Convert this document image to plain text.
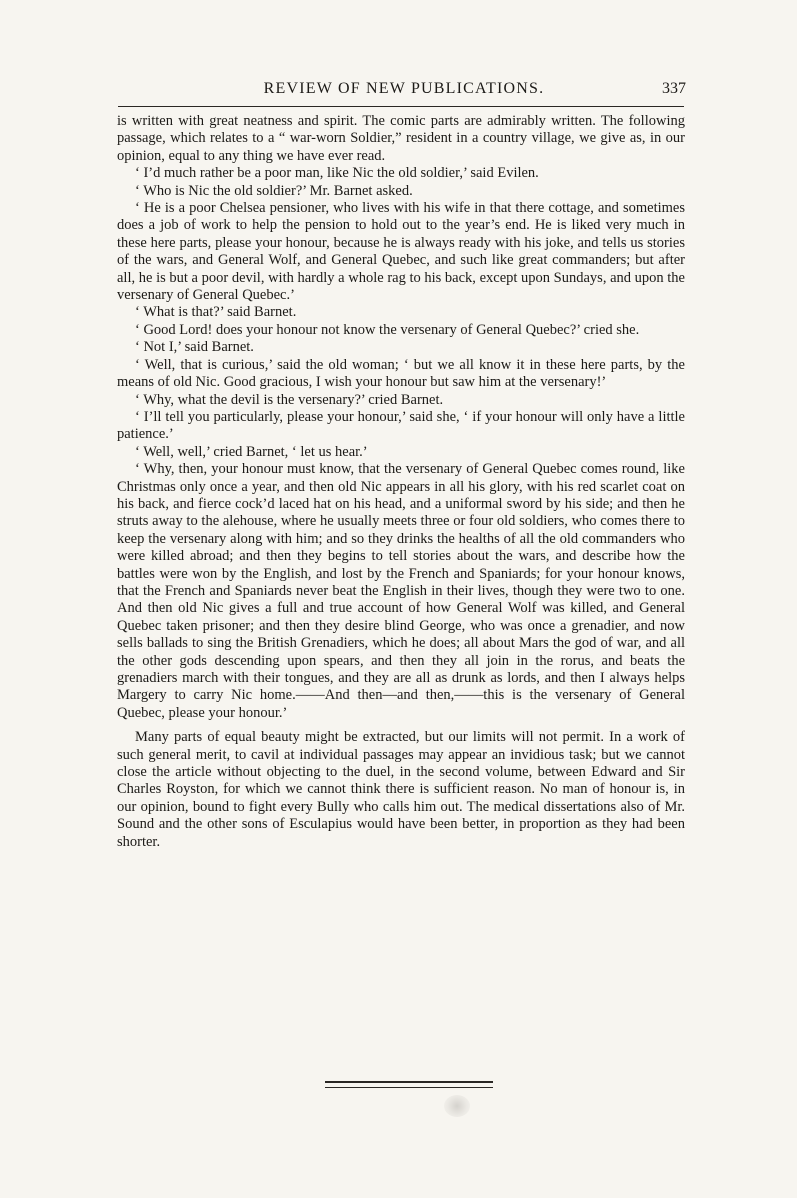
REVIEW OF NEW PUBLICATIONS.	337

is written with great neatness and spirit. The comic parts are admirably written. The following passage, which relates to a “ war-worn Soldier,” resident in a country village, we give as, in our opinion, equal to any thing we have ever read.

‘ I’d much rather be a poor man, like Nic the old soldier,’ said Evilen.

‘ Who is Nic the old soldier?’ Mr. Barnet asked.

‘ He is a poor Chelsea pensioner, who lives with his wife in that there cottage, and sometimes does a job of work to help the pension to hold out to the year’s end. He is liked very much in these here parts, please your honour, because he is always ready with his joke, and tells us stories of the wars, and General Wolf, and General Quebec, and such like great commanders; but after all, he is but a poor devil, with hardly a whole rag to his back, except upon Sundays, and upon the versenary of General Quebec.’

‘ What is that?’ said Barnet.

‘ Good Lord! does your honour not know the versenary of General Quebec?’ cried she.

‘ Not I,’ said Barnet.

‘ Well, that is curious,’ said the old woman; ‘ but we all know it in these here parts, by the means of old Nic. Good gracious, I wish your honour but saw him at the versenary!’

‘ Why, what the devil is the versenary?’ cried Barnet.

‘ I’ll tell you particularly, please your honour,’ said she, ‘ if your honour will only have a little patience.’

‘ Well, well,’ cried Barnet, ‘ let us hear.’

‘ Why, then, your honour must know, that the versenary of General Quebec comes round, like Christmas only once a year, and then old Nic appears in all his glory, with his red scarlet coat on his back, and fierce cock’d laced hat on his head, and a uniformal sword by his side; and then he struts away to the alehouse, where he usually meets three or four old soldiers, who comes there to keep the versenary along with him; and so they drinks the healths of all the old commanders who were killed abroad; and then they begins to tell stories about the wars, and describe how the battles were won by the English, and lost by the French and Spaniards; for your honour knows, that the French and Spaniards never beat the English in their lives, though they were two to one. And then old Nic gives a full and true account of how General Wolf was killed, and General Quebec taken prisoner; and then they desire blind George, who was once a grenadier, and now sells ballads to sing the British Grenadiers, which he does; all about Mars the god of war, and all the other gods descending upon spears, and then they all join in the rorus, and beats the grenadiers march with their tongues, and they are all as drunk as lords, and then I always helps Margery to carry Nic home.——And then—and then,——this is the versenary of General Quebec, please your honour.’

Many parts of equal beauty might be extracted, but our limits will not permit. In a work of such general merit, to cavil at individual passages may appear an invidious task; but we cannot close the article without objecting to the duel, in the second volume, between Edward and Sir Charles Royston, for which we cannot think there is sufficient reason. No man of honour is, in our opinion, bound to fight every Bully who calls him out. The medical dissertations also of Mr. Sound and the other sons of Esculapius would have been better, in proportion as they had been shorter.
